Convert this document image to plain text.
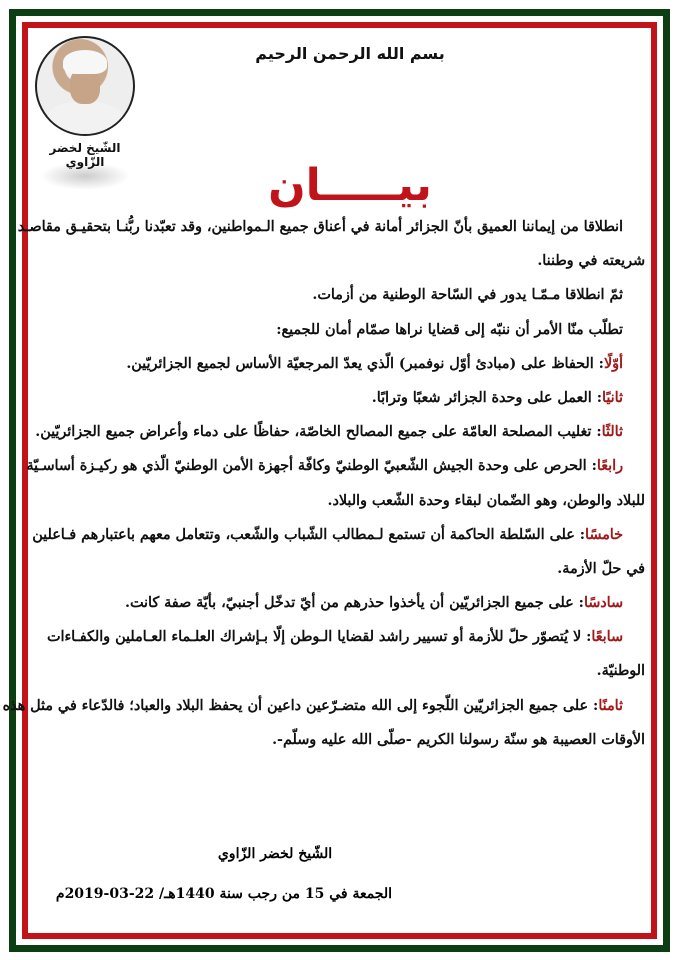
الشّيخ لخضر الزّاوي
بسم الله الرحمن الرحيم
بيـــــان
انطلاقا من إيماننا العميق بأنّ الجزائر أمانة في أعناق جميع الـمواطنين، وقد تعبّدنا ربُّنـا بتحقيـق مقاصـد
شريعته في وطننا.
ثمّ انطلاقا مـمّـا يدور في السّاحة الوطنية من أزمات.
تطلّب منّا الأمر أن ننبّه إلى قضايا نراها صمّام أمان للجميع:
أوّلًا: الحفاظ على (مبادئ أوّل نوفمبر) الّذي يعدّ المرجعيّة الأساس لجميع الجزائريّين.
ثانيًا: العمل على وحدة الجزائر شعبًا وترابًا.
ثالثًا: تغليب المصلحة العامّة على جميع المصالح الخاصّة، حفاظًا على دماء وأعراض جميع الجزائريّين.
رابعًا: الحرص على وحدة الجيش الشّعبيّ الوطنيّ وكافّة أجهزة الأمن الوطنيّ الّذي هو ركيـزة أساسـيّة
للبلاد والوطن، وهو الضّمان لبقاء وحدة الشّعب والبلاد.
خامسًا: على السّلطة الحاكمة أن تستمع لـمطالب الشّباب والشّعب، وتتعامل معهم باعتبارهم فـاعلين
في حلّ الأزمة.
سادسًا: على جميع الجزائريّين أن يأخذوا حذرهم من أيّ تدخّل أجنبيّ، بأيّة صفة كانت.
سابعًا: لا يُتصوّر حلّ للأزمة أو تسيير راشد لقضايا الـوطن إلّا بـإشراك العلـماء العـاملين والكفـاءات
الوطنيّة.
ثامنًا: على جميع الجزائريّين اللّجوء إلى الله متضـرّعين داعين أن يحفظ البلاد والعباد؛ فالدّعاء في مثل هذه
الأوقات العصيبة هو سنّة رسولنا الكريم -صلّى الله عليه وسلّم-.
الشّيخ لخضر الزّاوي
الجمعة في 15 من رجب سنة 1440هـ/ 22-03-2019م
